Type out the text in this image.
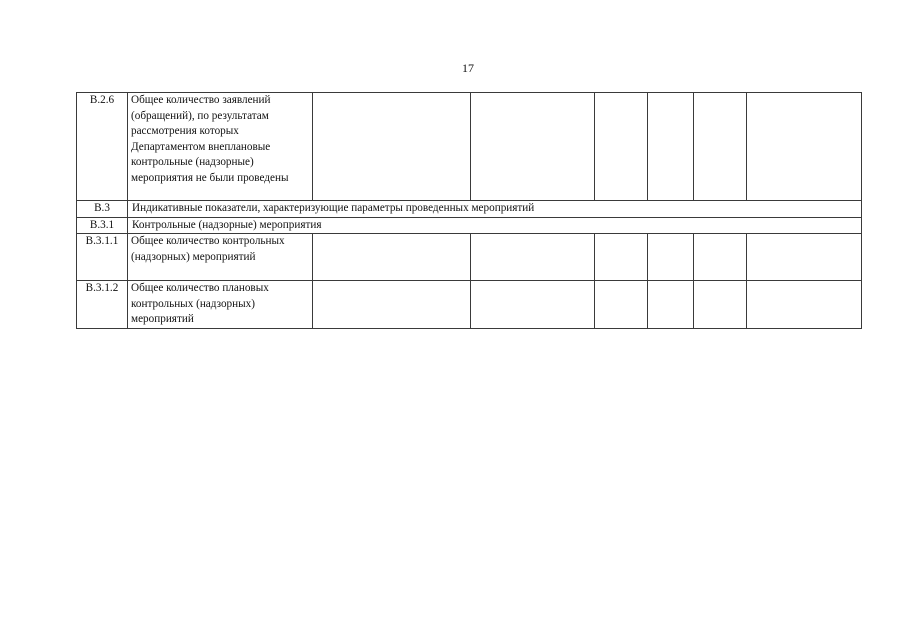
17
В.2.6	Общее количество заявлений (обращений), по результатам рассмотрения которых Департаментом внеплановые контрольные (надзорные) мероприятия не были проведены						
В.3	Индикативные показатели, характеризующие параметры проведенных мероприятий						
В.3.1	Контрольные (надзорные) мероприятия						
В.3.1.1	Общее количество контрольных (надзорных) мероприятий						
В.3.1.2	Общее количество плановых контрольных (надзорных) мероприятий						
